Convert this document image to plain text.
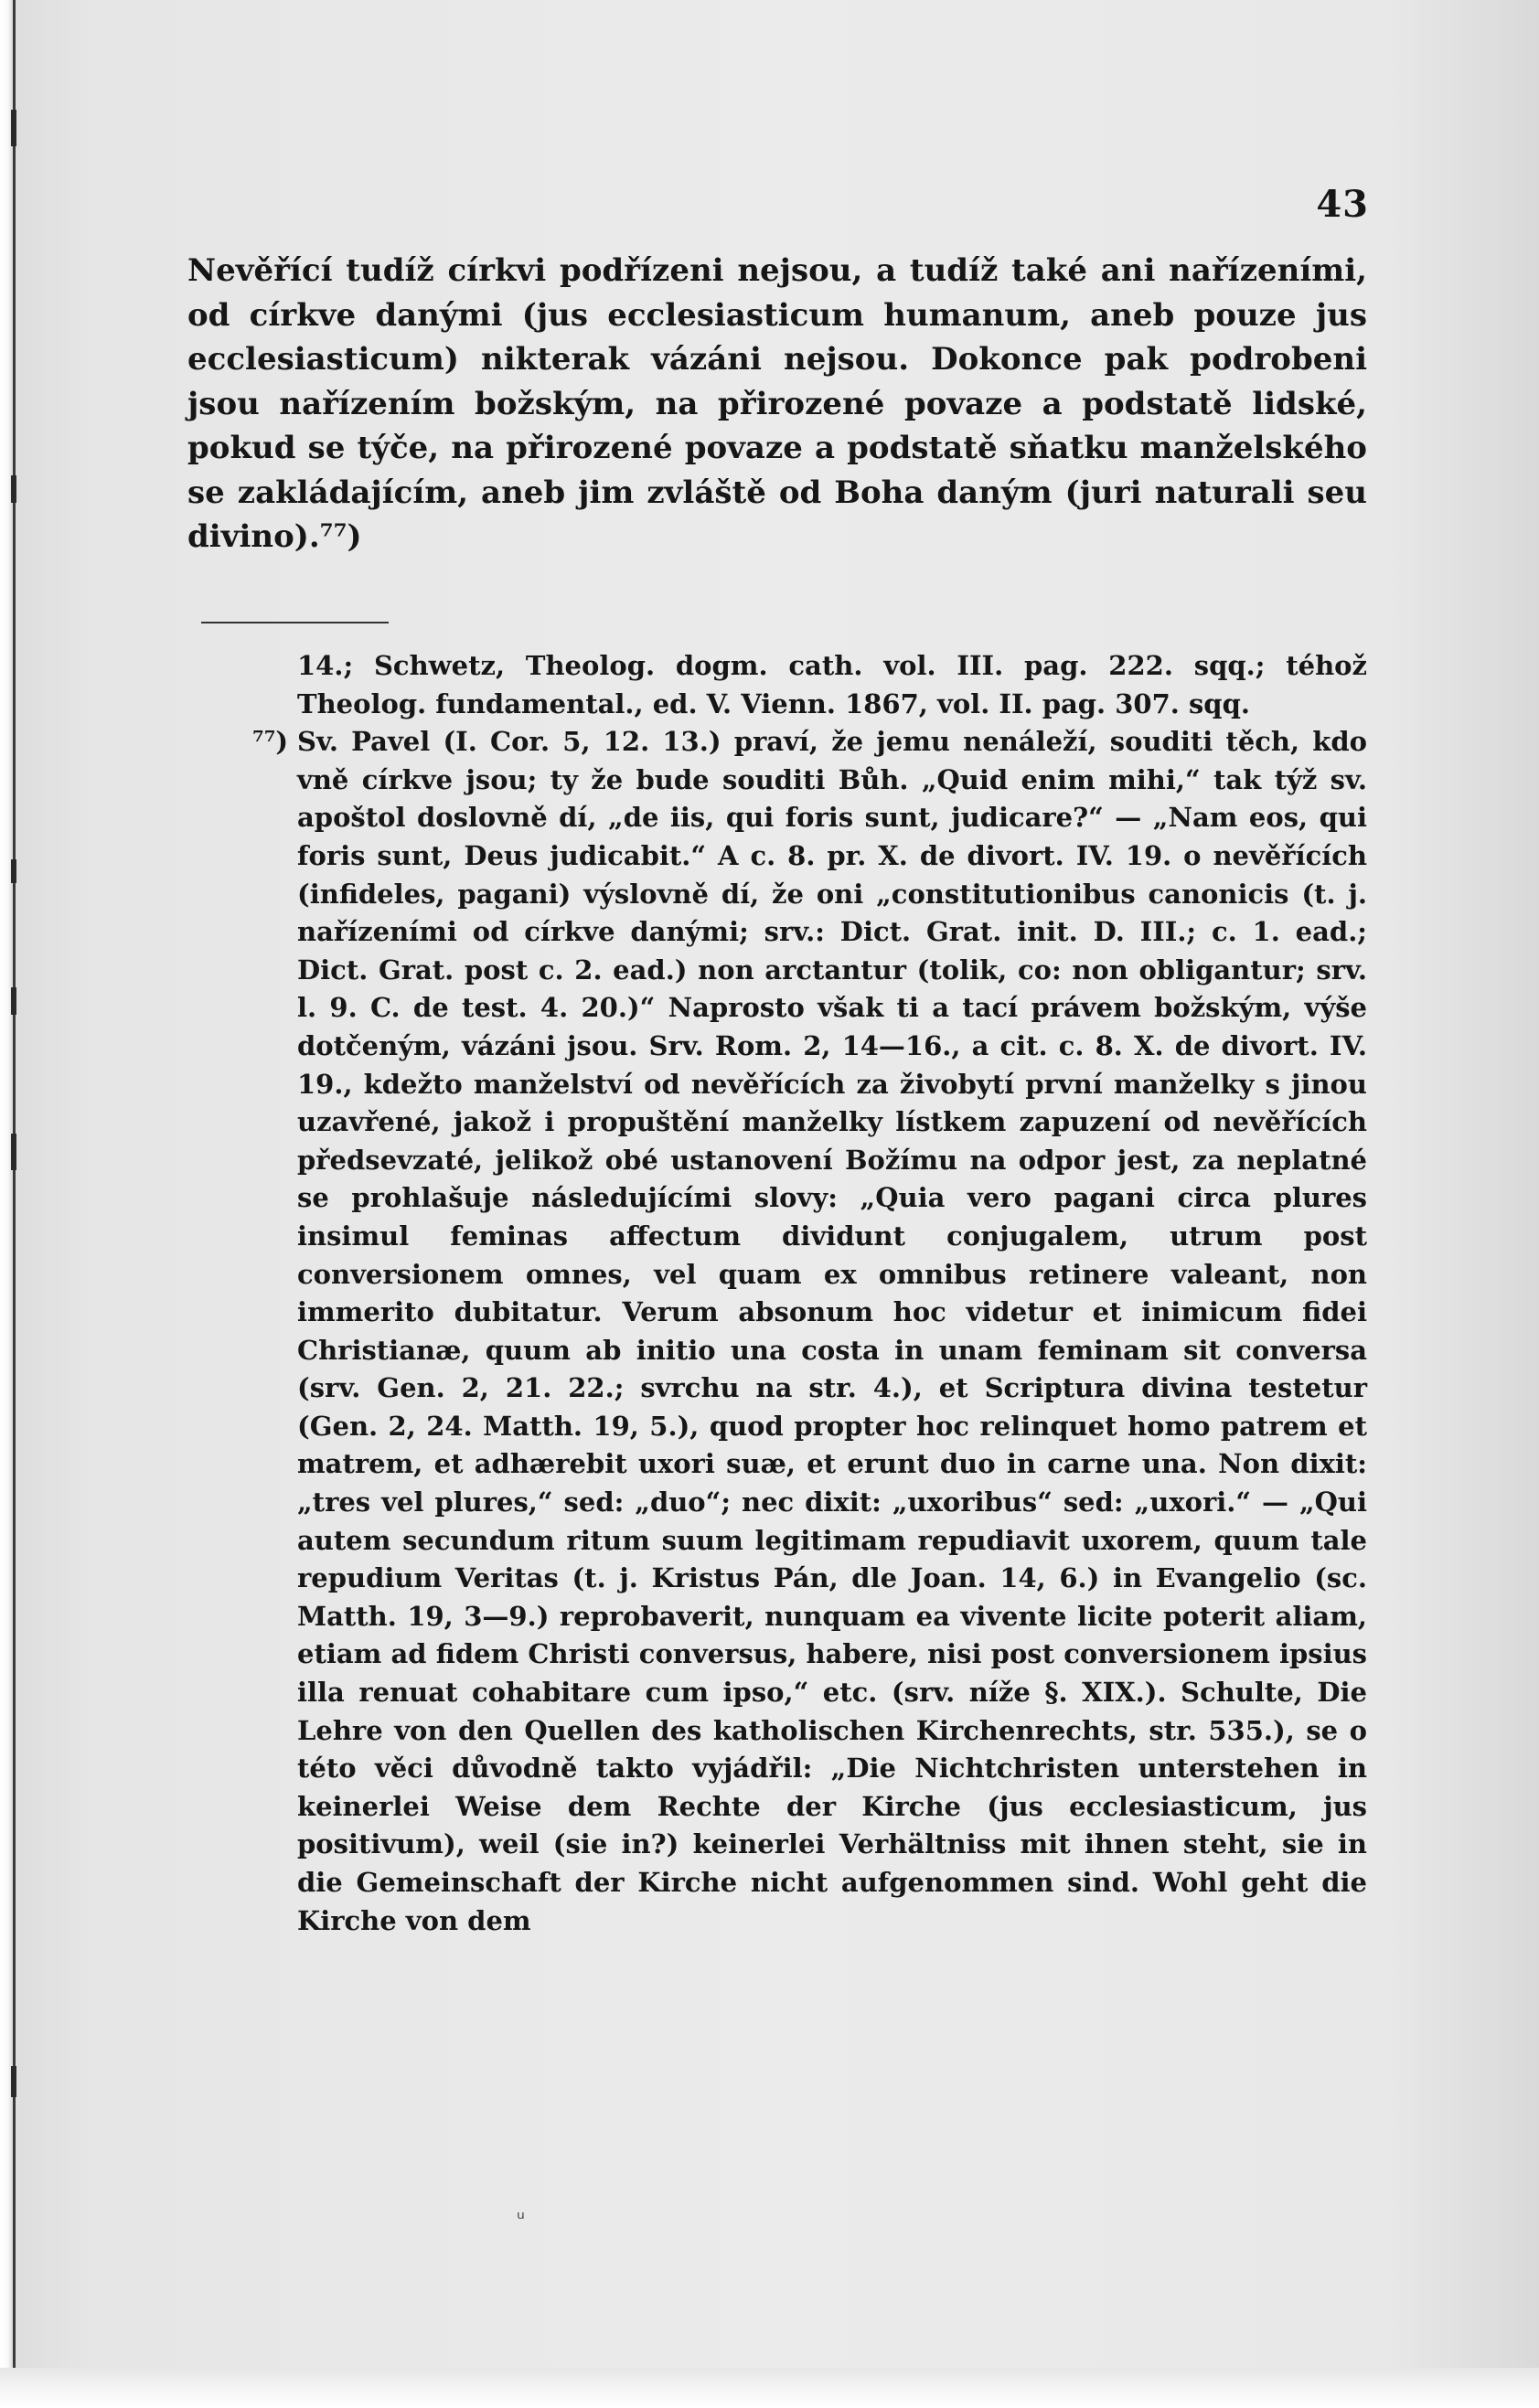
43

Nevěřící tudíž církvi podřízeni nejsou, a tudíž také ani nařízeními, od církve danými (jus ecclesiasticum humanum, aneb pouze jus ecclesiasticum) nikterak vázáni nejsou. Dokonce pak podrobeni jsou nařízením božským, na přirozené povaze a podstatě lidské, pokud se týče, na přirozené povaze a podstatě sňatku manželského se zakládajícím, aneb jim zvláště od Boha daným (juri naturali seu divino).⁷⁷)

14.; Schwetz, Theolog. dogm. cath. vol. III. pag. 222. sqq.; téhož Theolog. fundamental., ed. V. Vienn. 1867, vol. II. pag. 307. sqq.

⁷⁷) Sv. Pavel (I. Cor. 5, 12. 13.) praví, že jemu nenáleží, souditi těch, kdo vně církve jsou; ty že bude souditi Bůh. „Quid enim mihi,“ tak týž sv. apoštol doslovně dí, „de iis, qui foris sunt, judicare?“ — „Nam eos, qui foris sunt, Deus judicabit.“ A c. 8. pr. X. de divort. IV. 19. o nevěřících (infideles, pagani) výslovně dí, že oni „constitutionibus canonicis (t. j. nařízeními od církve danými; srv.: Dict. Grat. init. D. III.; c. 1. ead.; Dict. Grat. post c. 2. ead.) non arctantur (tolik, co: non obligantur; srv. l. 9. C. de test. 4. 20.)“ Naprosto však ti a tací právem božským, výše dotčeným, vázáni jsou. Srv. Rom. 2, 14—16., a cit. c. 8. X. de divort. IV. 19., kdežto manželství od nevěřících za živobytí první manželky s jinou uzavřené, jakož i propuštění manželky lístkem zapuzení od nevěřících předsevzaté, jelikož obé ustanovení Božímu na odpor jest, za neplatné se prohlašuje následujícími slovy: „Quia vero pagani circa plures insimul feminas affectum dividunt conjugalem, utrum post conversionem omnes, vel quam ex omnibus retinere valeant, non immerito dubitatur. Verum absonum hoc videtur et inimicum fidei Christianæ, quum ab initio una costa in unam feminam sit conversa (srv. Gen. 2, 21. 22.; svrchu na str. 4.), et Scriptura divina testetur (Gen. 2, 24. Matth. 19, 5.), quod propter hoc relinquet homo patrem et matrem, et adhærebit uxori suæ, et erunt duo in carne una. Non dixit: „tres vel plures,“ sed: „duo“; nec dixit: „uxoribus“ sed: „uxori.“ — „Qui autem secundum ritum suum legitimam repudiavit uxorem, quum tale repudium Veritas (t. j. Kristus Pán, dle Joan. 14, 6.) in Evangelio (sc. Matth. 19, 3—9.) reprobaverit, nunquam ea vivente licite poterit aliam, etiam ad fidem Christi conversus, habere, nisi post conversionem ipsius illa renuat cohabitare cum ipso,“ etc. (srv. níže §. XIX.). Schulte, Die Lehre von den Quellen des katholischen Kirchenrechts, str. 535.), se o této věci důvodně takto vyjádřil: „Die Nichtchristen unterstehen in keinerlei Weise dem Rechte der Kirche (jus ecclesiasticum, jus positivum), weil (sie in?) keinerlei Verhältniss mit ihnen steht, sie in die Gemeinschaft der Kirche nicht aufgenommen sind. Wohl geht die Kirche von dem

ᵘ
